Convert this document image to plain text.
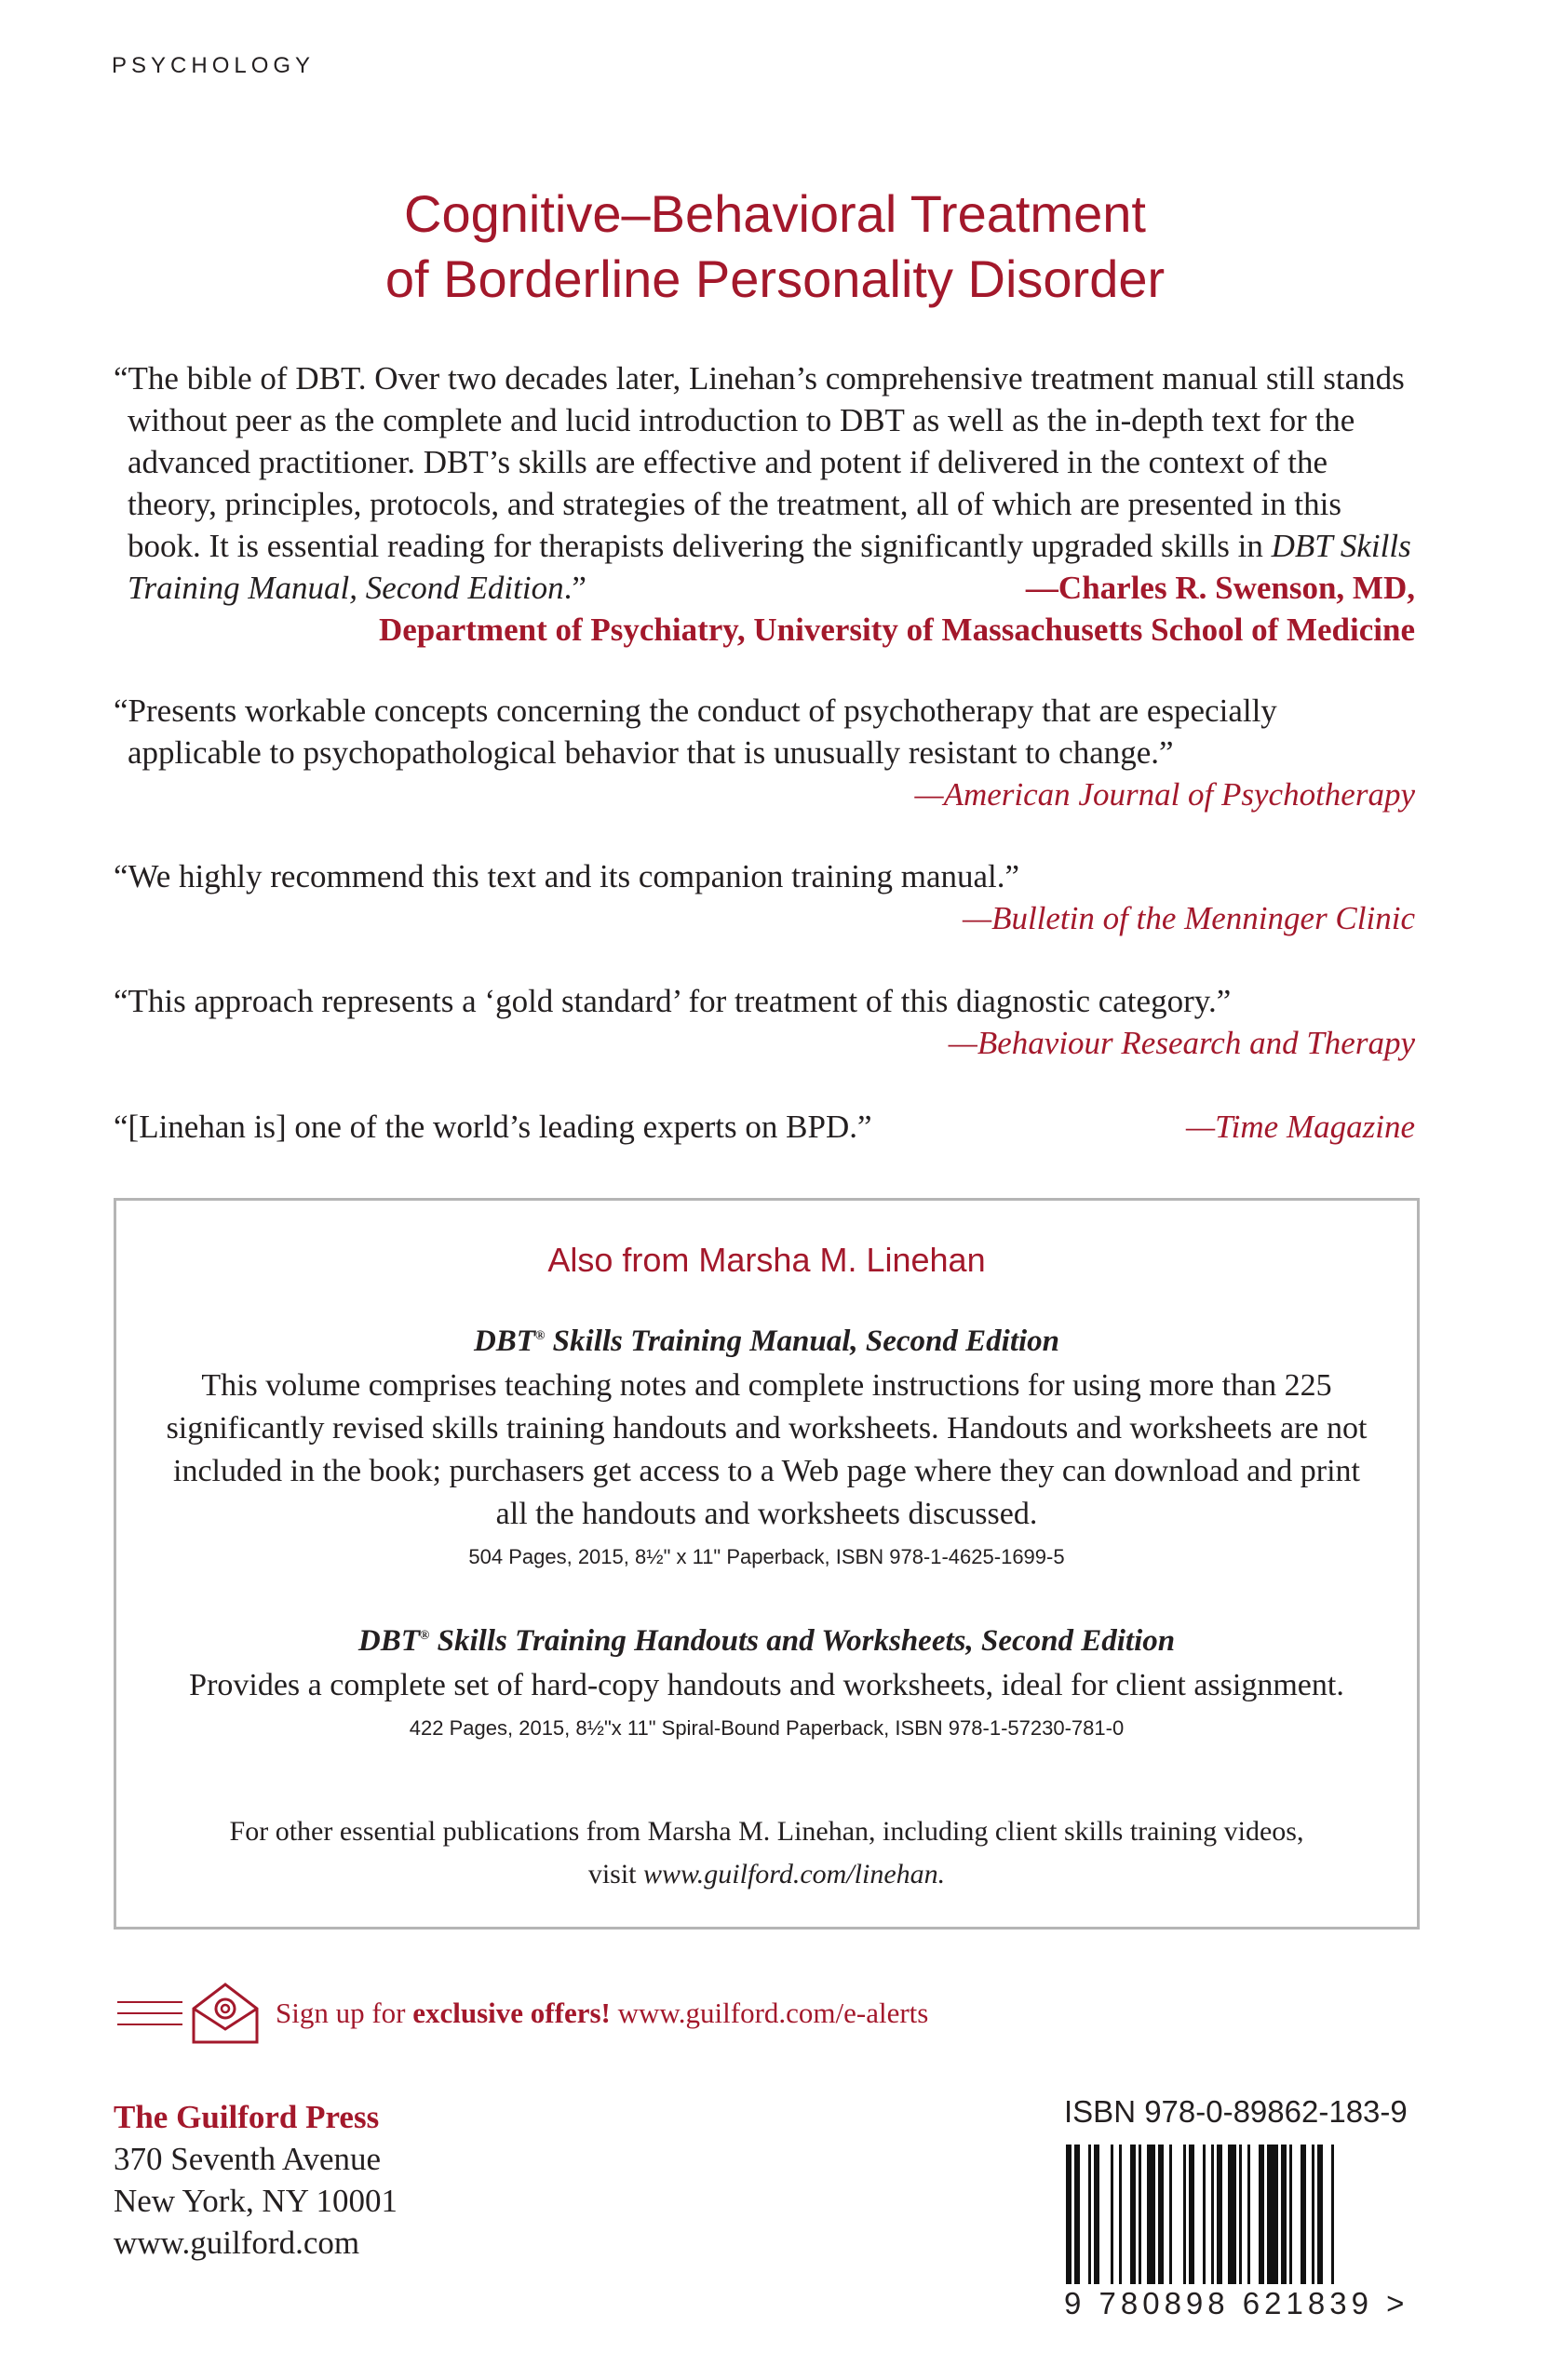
PSYCHOLOGY
Cognitive–Behavioral Treatment
of Borderline Personality Disorder
“The bible of DBT. Over two decades later, Linehan’s comprehensive treatment manual still stands without peer as the complete and lucid introduction to DBT as well as the in-depth text for the advanced practitioner. DBT’s skills are effective and potent if delivered in the context of the theory, principles, protocols, and strategies of the treatment, all of which are presented in this book. It is essential reading for therapists delivering the significantly upgraded skills in DBT Skills Training Manual, Second Edition.”	—Charles R. Swenson, MD,
Department of Psychiatry, University of Massachusetts School of Medicine
“Presents workable concepts concerning the conduct of psychotherapy that are especially applicable to psychopathological behavior that is unusually resistant to change.”
—American Journal of Psychotherapy
“We highly recommend this text and its companion training manual.”
—Bulletin of the Menninger Clinic
“This approach represents a ‘gold standard’ for treatment of this diagnostic category.”
—Behaviour Research and Therapy
“[Linehan is] one of the world’s leading experts on BPD.”	—Time Magazine
Also from Marsha M. Linehan
DBT® Skills Training Manual, Second Edition
This volume comprises teaching notes and complete instructions for using more than 225 significantly revised skills training handouts and worksheets. Handouts and worksheets are not included in the book; purchasers get access to a Web page where they can download and print all the handouts and worksheets discussed.
504 Pages, 2015, 8½" x 11" Paperback, ISBN 978-1-4625-1699-5
DBT® Skills Training Handouts and Worksheets, Second Edition
Provides a complete set of hard-copy handouts and worksheets, ideal for client assignment.
422 Pages, 2015, 8½"x 11" Spiral-Bound Paperback, ISBN 978-1-57230-781-0
For other essential publications from Marsha M. Linehan, including client skills training videos,
visit www.guilford.com/linehan.
Sign up for exclusive offers! www.guilford.com/e-alerts
The Guilford Press
370 Seventh Avenue
New York, NY 10001
www.guilford.com
ISBN 978-0-89862-183-9
9 780898 621839 >
